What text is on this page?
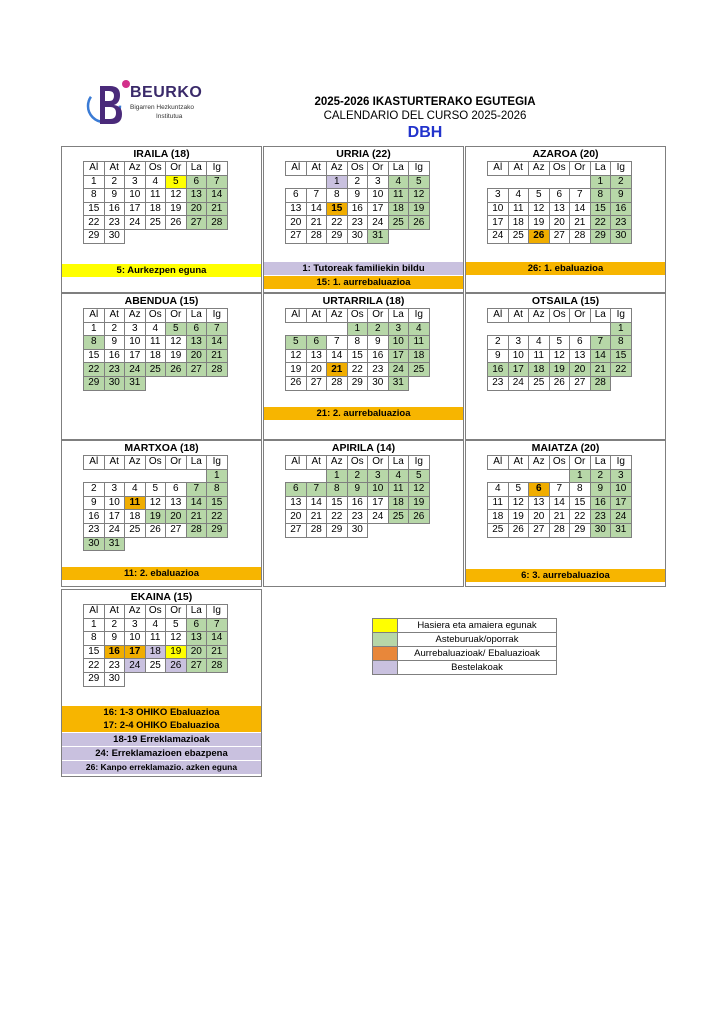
BEURKO
Bigarren Hezkuntzako
Institutua
2025-2026 IKASTURTERAKO EGUTEGIA
CALENDARIO DEL CURSO 2025-2026
DBH
IRAILA (18)
Al	At	Az	Os	Or	La	Ig
1	2	3	4	5	6	7
8	9	10	11	12	13	14
15	16	17	18	19	20	21
22	23	24	25	26	27	28
29	30					
5: Aurkezpen eguna
URRIA (22)
Al	At	Az	Os	Or	La	Ig
		1	2	3	4	5
6	7	8	9	10	11	12
13	14	15	16	17	18	19
20	21	22	23	24	25	26
27	28	29	30	31		
1: Tutoreak familiekin bildu
15: 1. aurrebaluazioa
AZAROA (20)
Al	At	Az	Os	Or	La	Ig
					1	2
3	4	5	6	7	8	9
10	11	12	13	14	15	16
17	18	19	20	21	22	23
24	25	26	27	28	29	30
26: 1. ebaluazioa
ABENDUA (15)
Al	At	Az	Os	Or	La	Ig
1	2	3	4	5	6	7
8	9	10	11	12	13	14
15	16	17	18	19	20	21
22	23	24	25	26	27	28
29	30	31				
URTARRILA (18)
Al	At	Az	Os	Or	La	Ig
			1	2	3	4
5	6	7	8	9	10	11
12	13	14	15	16	17	18
19	20	21	22	23	24	25
26	27	28	29	30	31	
21: 2. aurrebaluazioa
OTSAILA (15)
Al	At	Az	Os	Or	La	Ig
						1
2	3	4	5	6	7	8
9	10	11	12	13	14	15
16	17	18	19	20	21	22
23	24	25	26	27	28	
MARTXOA (18)
Al	At	Az	Os	Or	La	Ig
						1
2	3	4	5	6	7	8
9	10	11	12	13	14	15
16	17	18	19	20	21	22
23	24	25	26	27	28	29
30	31					
11: 2. ebaluazioa
APIRILA (14)
Al	At	Az	Os	Or	La	Ig
		1	2	3	4	5
6	7	8	9	10	11	12
13	14	15	16	17	18	19
20	21	22	23	24	25	26
27	28	29	30			
MAIATZA (20)
Al	At	Az	Os	Or	La	Ig
				1	2	3
4	5	6	7	8	9	10
11	12	13	14	15	16	17
18	19	20	21	22	23	24
25	26	27	28	29	30	31
6: 3. aurrebaluazioa
EKAINA (15)
Al	At	Az	Os	Or	La	Ig
1	2	3	4	5	6	7
8	9	10	11	12	13	14
15	16	17	18	19	20	21
22	23	24	25	26	27	28
29	30					
16: 1-3 OHIKO Ebaluazioa
17: 2-4 OHIKO Ebaluazioa
18-19 Erreklamazioak
24: Erreklamazioen ebazpena
26: Kanpo erreklamazio. azken eguna
	Hasiera eta amaiera egunak
	Asteburuak/oporrak
	Aurrebaluazioak/ Ebaluazioak
	Bestelakoak
